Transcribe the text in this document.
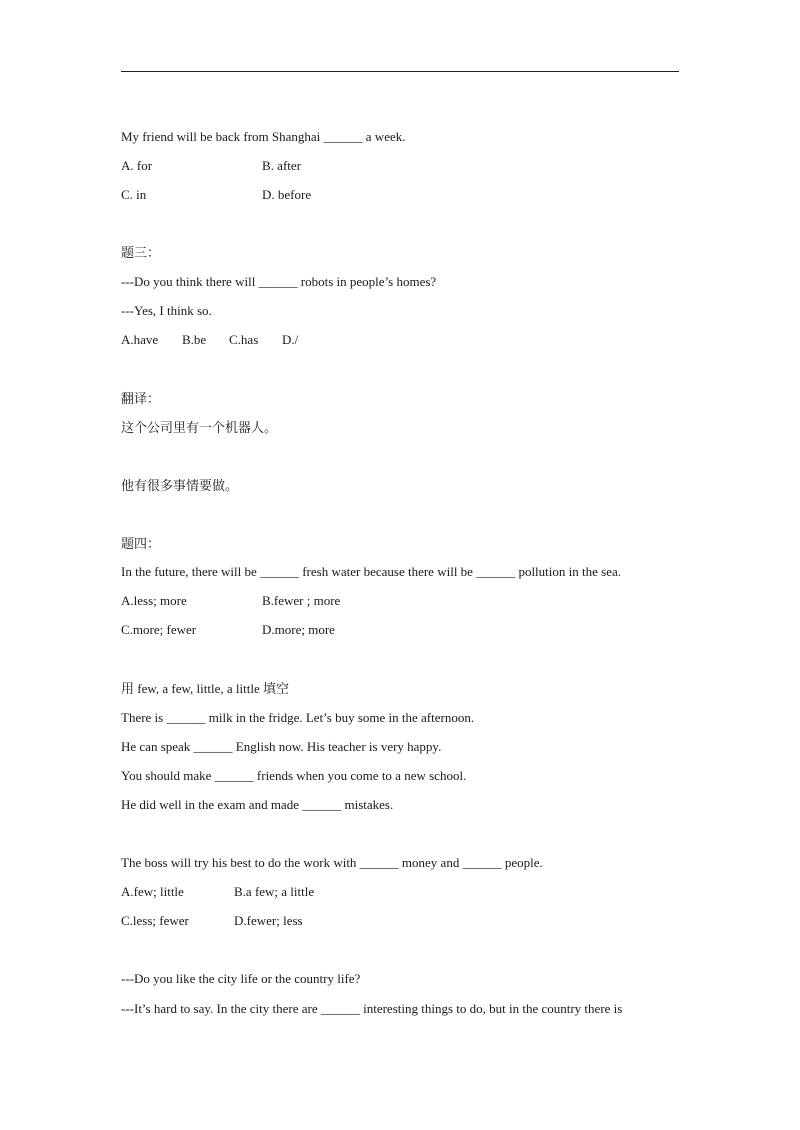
My friend will be back from Shanghai ______ a week.
A. for	B. after
C. in	D. before
题三：
---Do you think there will ______ robots in people’s homes?
---Yes, I think so.
A.have B.be C.has D./
翻译：
这个公司里有一个机器人。
他有很多事情要做。
题四：
In the future, there will be ______ fresh water because there will be ______ pollution in the sea.
A.less; more	B.fewer ; more
C.more; fewer	D.more; more
用 few, a few, little, a little 填空
There is ______ milk in the fridge. Let’s buy some in the afternoon.
He can speak ______ English now. His teacher is very happy.
You should make ______ friends when you come to a new school.
He did well in the exam and made ______ mistakes.
The boss will try his best to do the work with ______ money and ______ people.
A.few; little	B.a few; a little
C.less; fewer	D.fewer; less
---Do you like the city life or the country life?
---It’s hard to say. In the city there are ______ interesting things to do, but in the country there is
